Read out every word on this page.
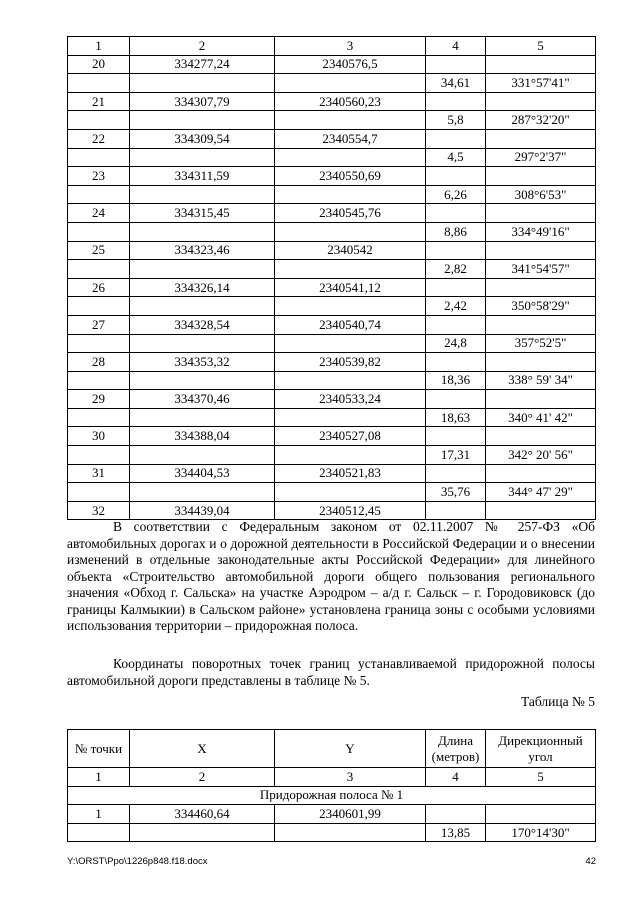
1	2	3	4	5
20	334277,24	2340576,5		
			34,61	331°57'41"
21	334307,79	2340560,23		
			5,8	287°32'20"
22	334309,54	2340554,7		
			4,5	297°2'37"
23	334311,59	2340550,69		
			6,26	308°6'53"
24	334315,45	2340545,76		
			8,86	334°49'16"
25	334323,46	2340542		
			2,82	341°54'57"
26	334326,14	2340541,12		
			2,42	350°58'29"
27	334328,54	2340540,74		
			24,8	357°52'5"
28	334353,32	2340539,82		
			18,36	338° 59' 34"
29	334370,46	2340533,24		
			18,63	340° 41' 42"
30	334388,04	2340527,08		
			17,31	342° 20' 56"
31	334404,53	2340521,83		
			35,76	344° 47' 29"
32	334439,04	2340512,45		

В соответствии с Федеральным законом от 02.11.2007 № 257-ФЗ «Об автомобильных дорогах и о дорожной деятельности в Российской Федерации и о внесении изменений в отдельные законодательные акты Российской Федерации» для линейного объекта «Строительство автомобильной дороги общего пользования регионального значения «Обход г. Сальска» на участке Аэродром – а/д г. Сальск – г. Городовиковск (до границы Калмыкии) в Сальском районе» установлена граница зоны с особыми условиями использования территории – придорожная полоса.

Координаты поворотных точек границ устанавливаемой придорожной полосы автомобильной дороги представлены в таблице № 5.

Таблица № 5
№ точки	X	Y	Длина (метров)	Дирекционный угол
1	2	3	4	5
Придорожная полоса № 1				
1	334460,64	2340601,99		
			13,85	170°14'30"
Y:\ORST\Ppo\1226p848.f18.docx	42
